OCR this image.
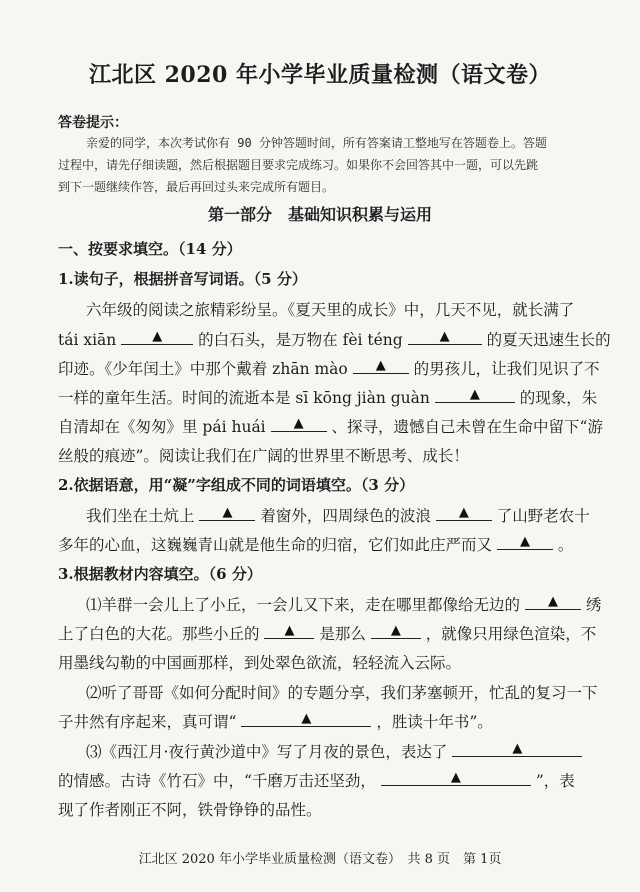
江北区 2020 年小学毕业质量检测（语文卷）
答卷提示：
亲爱的同学，本次考试你有 90 分钟答题时间，所有答案请工整地写在答题卷上。答题
过程中，请先仔细读题，然后根据题目要求完成练习。如果你不会回答其中一题，可以先跳
到下一题继续作答，最后再回过头来完成所有题目。
第一部分　基础知识积累与运用
一、按要求填空。（14 分）
1.读句子，根据拼音写词语。（5 分）
六年级的阅读之旅精彩纷呈。《夏天里的成长》中，几天不见，就长满了
tái xiān	▲ 的白石头，是万物在 fèi téng	▲ 的夏天迅速生长的
印迹。《少年闰土》中那个戴着 zhān mào ▲ 的男孩儿，让我们见识了不
一样的童年生活。时间的流逝本是 sī kōng jiàn guàn	▲	的现象，朱
自清却在《匆匆》里 pái huái ▲ 、探寻，遗憾自己未曾在生命中留下“游
丝般的痕迹”。阅读让我们在广阔的世界里不断思考、成长！
2.依据语意，用“凝”字组成不同的词语填空。（3 分）
我们坐在土炕上 ▲ 着窗外，四周绿色的波浪 ▲ 了山野老农十
多年的心血，这巍巍青山就是他生命的归宿，它们如此庄严而又 ▲ 。
3.根据教材内容填空。（6 分）
⑴羊群一会儿上了小丘，一会儿又下来，走在哪里都像给无边的 ▲ 绣
上了白色的大花。那些小丘的 ▲ 是那么 ▲ ，就像只用绿色渲染，不
用墨线勾勒的中国画那样，到处翠色欲流，轻轻流入云际。
⑵听了哥哥《如何分配时间》的专题分享，我们茅塞顿开，忙乱的复习一下
子井然有序起来，真可谓“	▲	，胜读十年书”。
⑶《西江月·夜行黄沙道中》写了月夜的景色，表达了	▲
的情感。古诗《竹石》中，“千磨万击还坚劲，	▲	”，表
现了作者刚正不阿，铁骨铮铮的品性。
江北区 2020 年小学毕业质量检测（语文卷）　共 8 页　第 1页
